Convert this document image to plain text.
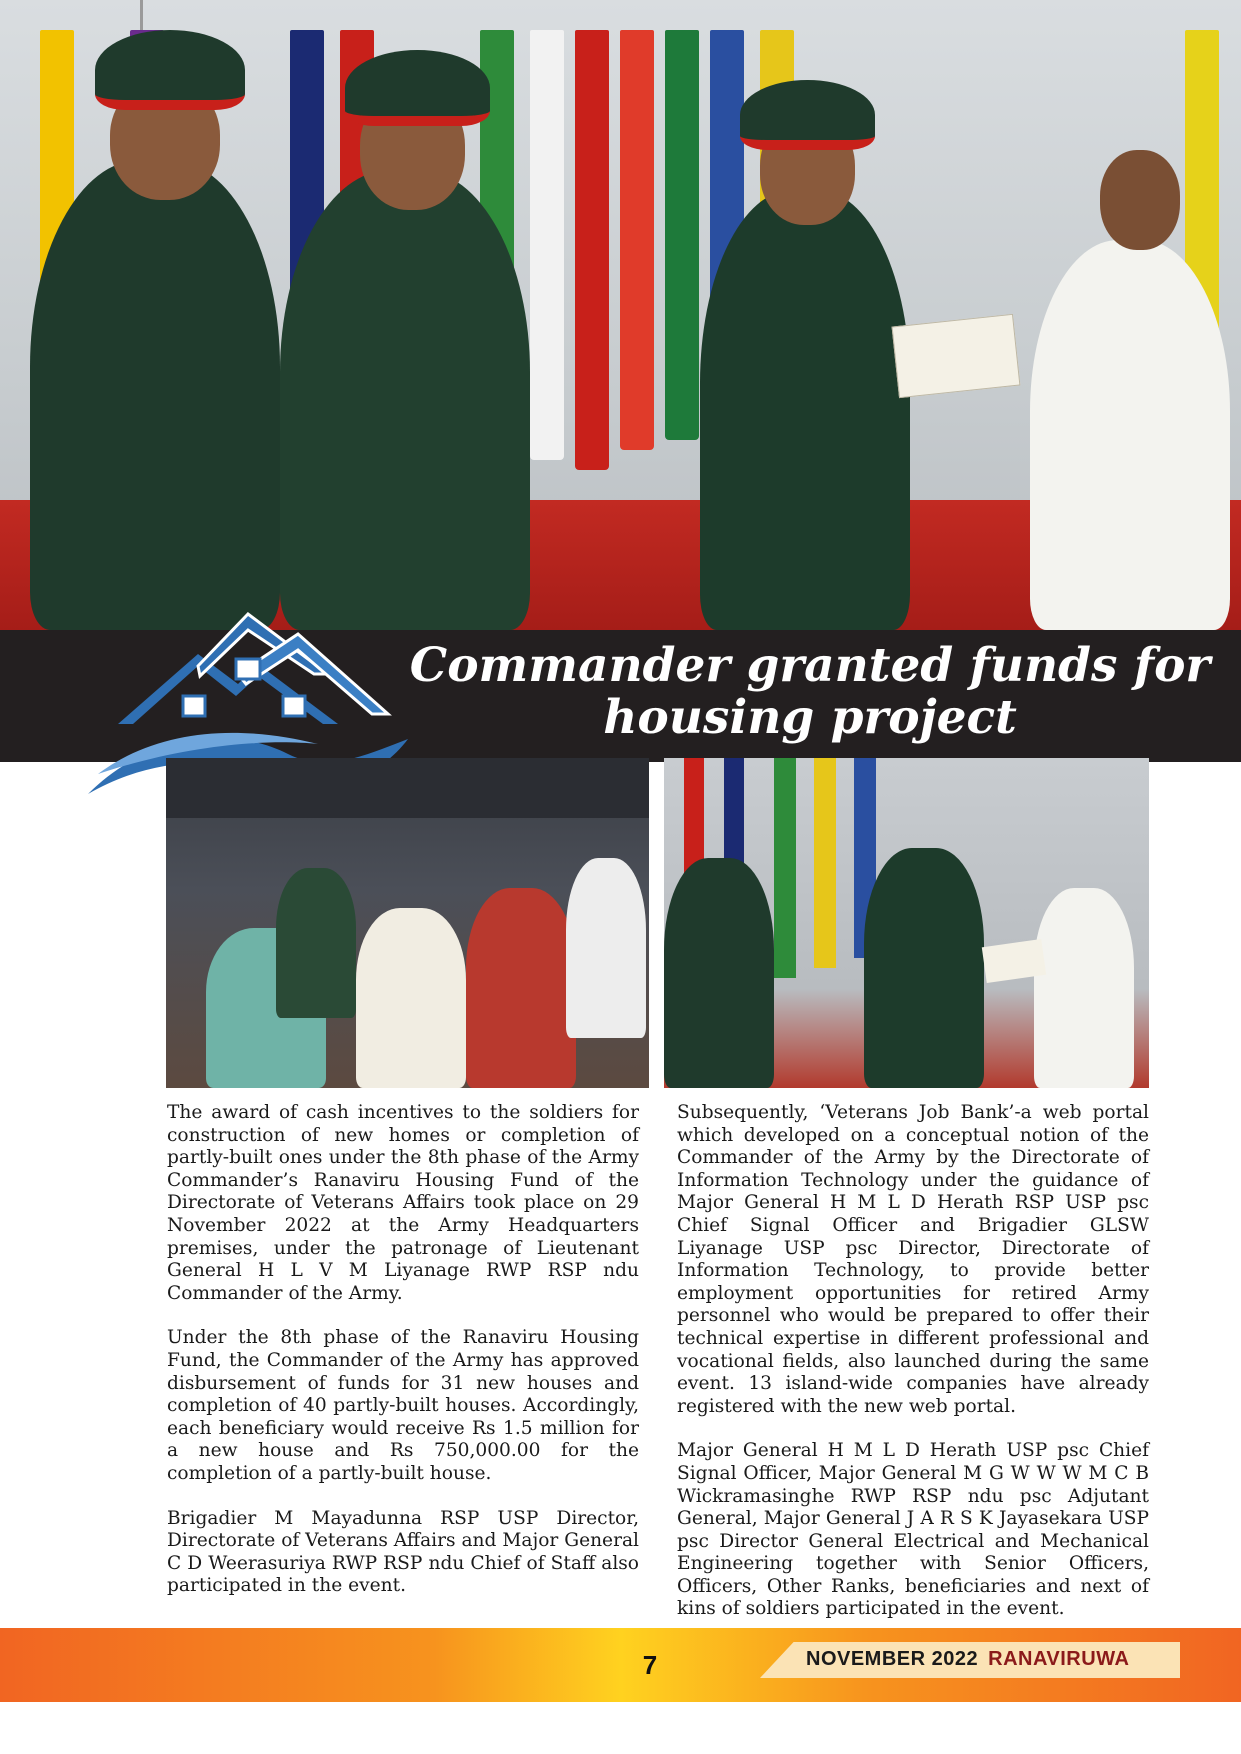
Commander granted funds for
housing project

The award of cash incentives to the soldiers for construction of new homes or completion of partly-built ones under the 8th phase of the Army Commander’s Ranaviru Housing Fund of the Directorate of Veterans Affairs took place on 29 November 2022 at the Army Headquarters premises, under the patronage of Lieutenant General H L V M Liyanage RWP RSP ndu Commander of the Army.

Under the 8th phase of the Ranaviru Housing Fund, the Commander of the Army has approved disbursement of funds for 31 new houses and completion of 40 partly-built houses. Accordingly, each beneficiary would receive Rs 1.5 million for a new house and Rs 750,000.00 for the completion of a partly-built house.

Brigadier M Mayadunna RSP USP Director, Directorate of Veterans Affairs and Major General C D Weerasuriya RWP RSP ndu Chief of Staff also participated in the event.

Subsequently, ‘Veterans Job Bank’-a web portal which developed on a conceptual notion of the Commander of the Army by the Directorate of Information Technology under the guidance of Major General H M L D Herath RSP USP psc Chief Signal Officer and Brigadier GLSW Liyanage USP psc Director, Directorate of Information Technology, to provide better employment opportunities for retired Army personnel who would be prepared to offer their technical expertise in different professional and vocational fields, also launched during the same event. 13 island-wide companies have already registered with the new web portal.

Major General H M L D Herath USP psc Chief Signal Officer, Major General M G W W W M C B Wickramasinghe RWP RSP ndu psc Adjutant General, Major General J A R S K Jayasekara USP psc Director General Electrical and Mechanical Engineering together with Senior Officers, Officers, Other Ranks, beneficiaries and next of kins of soldiers participated in the event.

7	NOVEMBER 2022 RANAVIRUWA
